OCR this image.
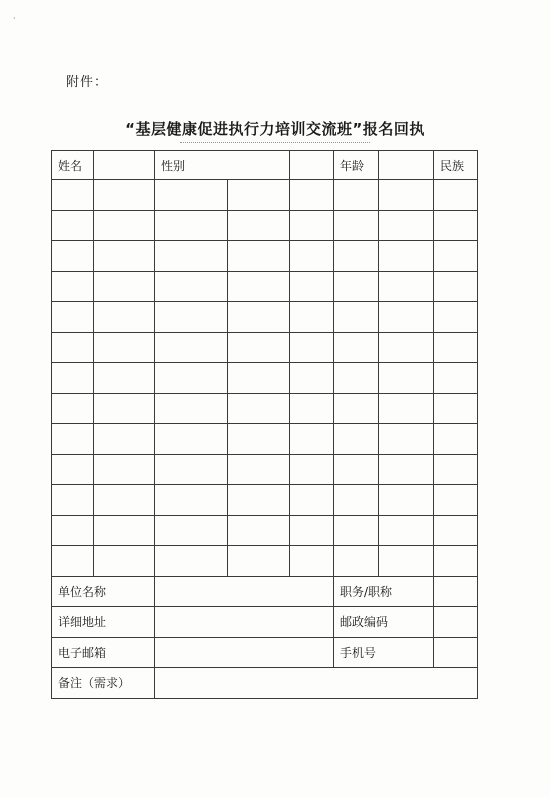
·
附件：
“基层健康促进执行力培训交流班”报名回执
姓名		性别			年龄		民族

单位名称					职务/职称		
详细地址					邮政编码		
电子邮箱					手机号		
备注（需求）							
